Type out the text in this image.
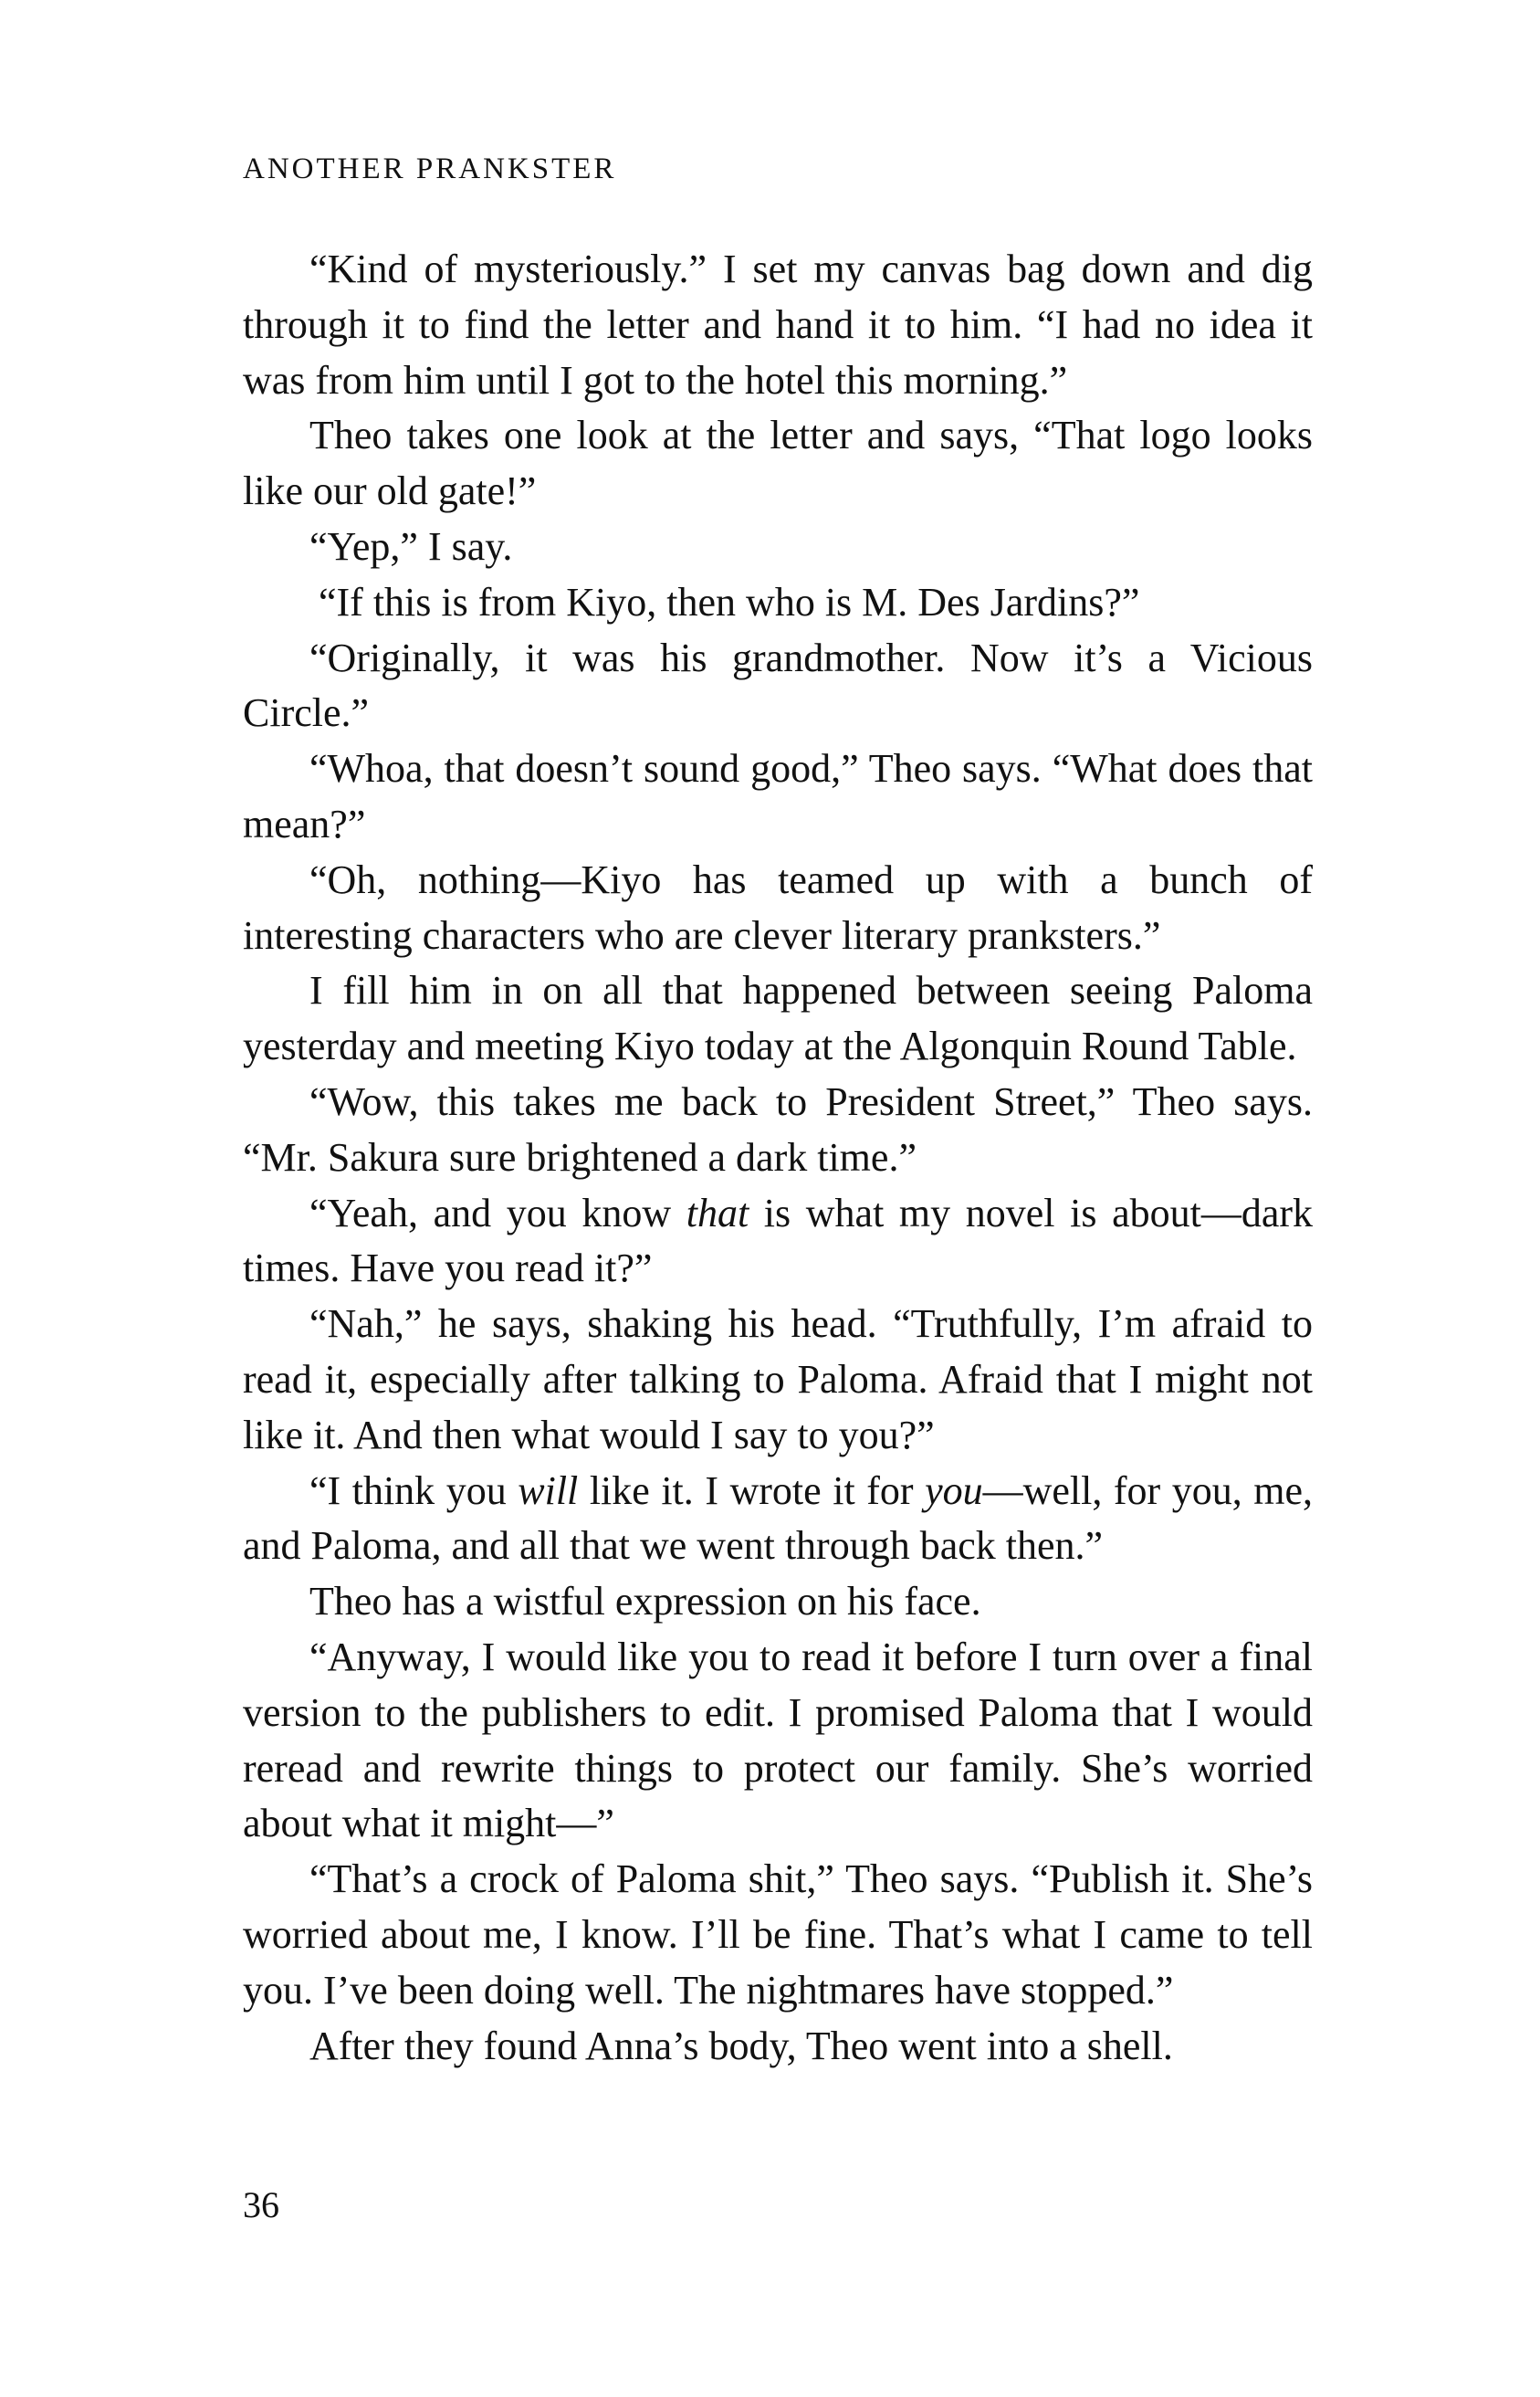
ANOTHER PRANKSTER

“Kind of mysteriously.” I set my canvas bag down and dig through it to find the letter and hand it to him. “I had no idea it was from him until I got to the hotel this morning.”

Theo takes one look at the letter and says, “That logo looks like our old gate!”

“Yep,” I say.

“If this is from Kiyo, then who is M. Des Jardins?”

“Originally, it was his grandmother. Now it’s a Vicious Circle.”

“Whoa, that doesn’t sound good,” Theo says. “What does that mean?”

“Oh, nothing—Kiyo has teamed up with a bunch of interesting characters who are clever literary pranksters.”

I fill him in on all that happened between seeing Paloma yesterday and meeting Kiyo today at the Algonquin Round Table.

“Wow, this takes me back to President Street,” Theo says. “Mr. Sakura sure brightened a dark time.”

“Yeah, and you know that is what my novel is about—dark times. Have you read it?”

“Nah,” he says, shaking his head. “Truthfully, I’m afraid to read it, especially after talking to Paloma. Afraid that I might not like it. And then what would I say to you?”

“I think you will like it. I wrote it for you—well, for you, me, and Paloma, and all that we went through back then.”

Theo has a wistful expression on his face.

“Anyway, I would like you to read it before I turn over a final version to the publishers to edit. I promised Paloma that I would reread and rewrite things to protect our family. She’s worried about what it might—”

“That’s a crock of Paloma shit,” Theo says. “Publish it. She’s worried about me, I know. I’ll be fine. That’s what I came to tell you. I’ve been doing well. The nightmares have stopped.”

After they found Anna’s body, Theo went into a shell.

36
